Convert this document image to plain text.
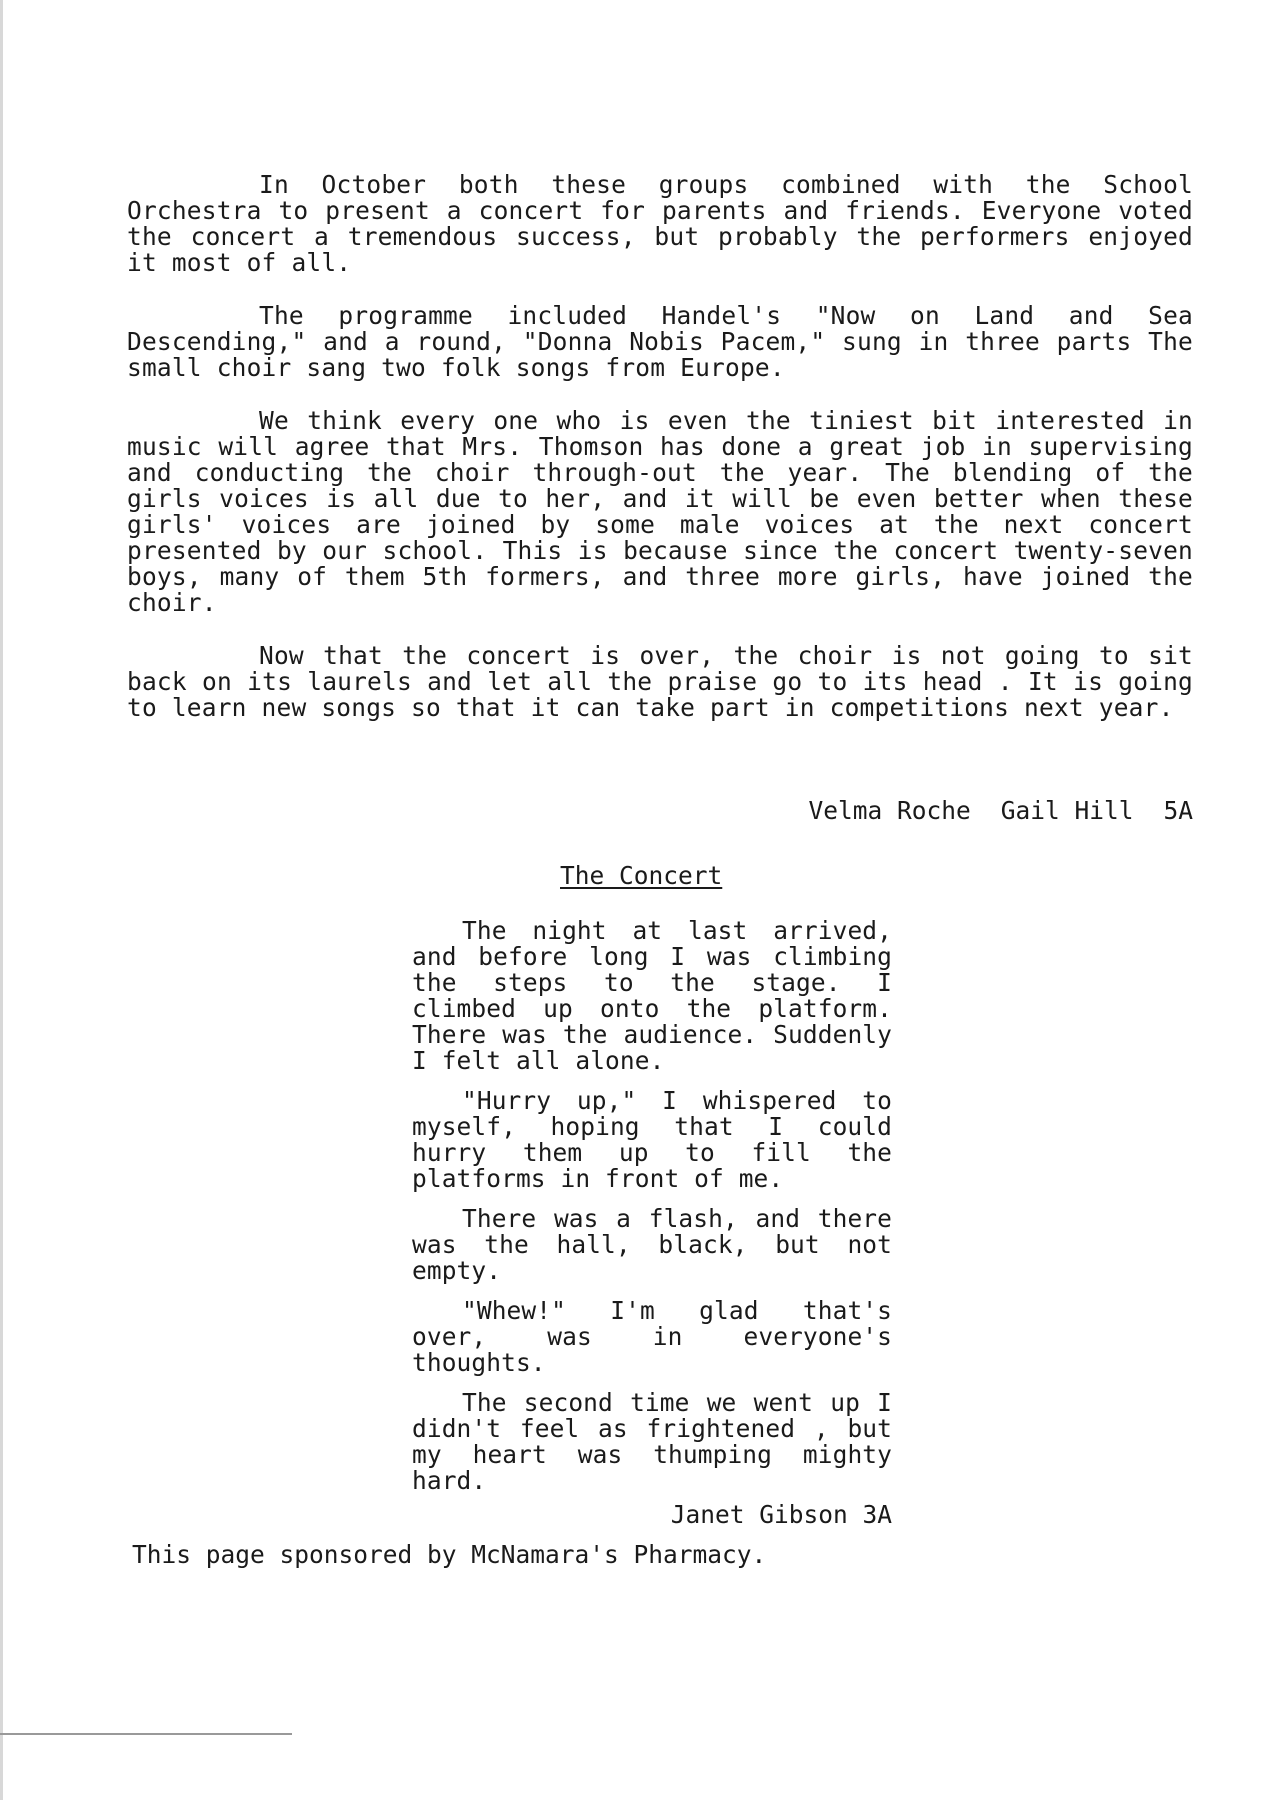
In October both these groups combined with the School Orchestra to present a concert for parents and friends. Everyone voted the concert a tremendous success, but probably the performers enjoyed it most of all.

The programme included Handel's "Now on Land and Sea Descending," and a round, "Donna Nobis Pacem," sung in three parts The small choir sang two folk songs from Europe.

We think every one who is even the tiniest bit interested in music will agree that Mrs. Thomson has done a great job in supervising and conducting the choir through-out the year. The blending of the girls voices is all due to her, and it will be even better when these girls' voices are joined by some male voices at the next concert presented by our school. This is because since the concert twenty-seven boys, many of them 5th formers, and three more girls, have joined the choir.

Now that the concert is over, the choir is not going to sit back on its laurels and let all the praise go to its head . It is going to learn new songs so that it can take part in competitions next year.

Velma Roche Gail Hill 5A
The Concert

The night at last arrived, and before long I was climbing the steps to the stage. I climbed up onto the platform. There was the audience. Suddenly I felt all alone.

"Hurry up," I whispered to myself, hoping that I could hurry them up to fill the platforms in front of me.

There was a flash, and there was the hall, black, but not empty.

"Whew!" I'm glad that's over, was in everyone's thoughts.

The second time we went up I didn't feel as frightened , but my heart was thumping mighty hard.

Janet Gibson 3A
This page sponsored by McNamara's Pharmacy.
